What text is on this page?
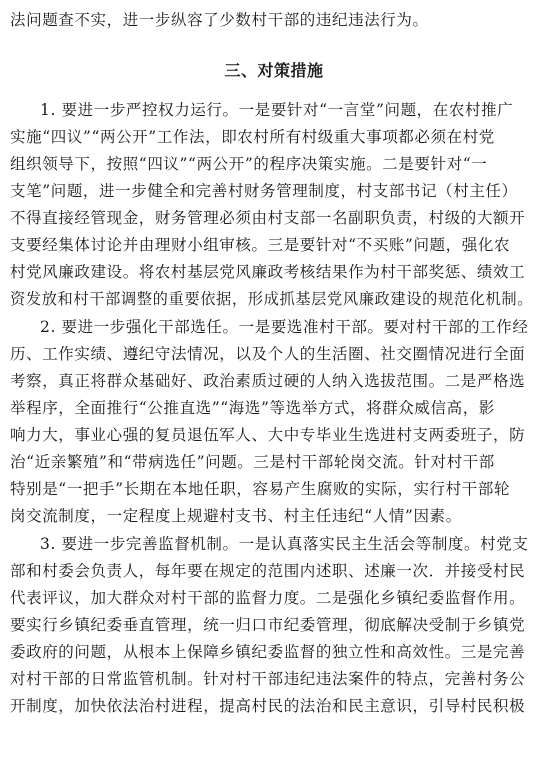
法问题查不实，进一步纵容了少数村干部的违纪违法行为。
三、对策措施
1. 要进一步严控权力运行。一是要针对“一言堂”问题，在农村推广
实施“四议”“两公开”工作法，即农村所有村级重大事项都必须在村党
组织领导下，按照“四议”“两公开”的程序决策实施。二是要针对“一
支笔”问题，进一步健全和完善村财务管理制度，村支部书记（村主任）
不得直接经管现金，财务管理必须由村支部一名副职负责，村级的大额开
支要经集体讨论并由理财小组审核。三是要针对“不买账”问题，强化农
村党风廉政建设。将农村基层党风廉政考核结果作为村干部奖惩、绩效工
资发放和村干部调整的重要依据，形成抓基层党风廉政建设的规范化机制。
2. 要进一步强化干部选任。一是要选准村干部。要对村干部的工作经
历、工作实绩、遵纪守法情况，以及个人的生活圈、社交圈情况进行全面
考察，真正将群众基础好、政治素质过硬的人纳入选拔范围。二是严格选
举程序，全面推行“公推直选”“海选”等选举方式，将群众威信高，影
响力大，事业心强的复员退伍军人、大中专毕业生选进村支两委班子，防
治“近亲繁殖”和“带病选任”问题。三是村干部轮岗交流。针对村干部
特别是“一把手”长期在本地任职，容易产生腐败的实际，实行村干部轮
岗交流制度，一定程度上规避村支书、村主任违纪“人情”因素。
3. 要进一步完善监督机制。一是认真落实民主生活会等制度。村党支
部和村委会负责人，每年要在规定的范围内述职、述廉一次．并接受村民
代表评议，加大群众对村干部的监督力度。二是强化乡镇纪委监督作用。
要实行乡镇纪委垂直管理，统一归口市纪委管理，彻底解决受制于乡镇党
委政府的问题，从根本上保障乡镇纪委监督的独立性和高效性。三是完善
对村干部的日常监管机制。针对村干部违纪违法案件的特点，完善村务公
开制度，加快依法治村进程，提高村民的法治和民主意识，引导村民积极
